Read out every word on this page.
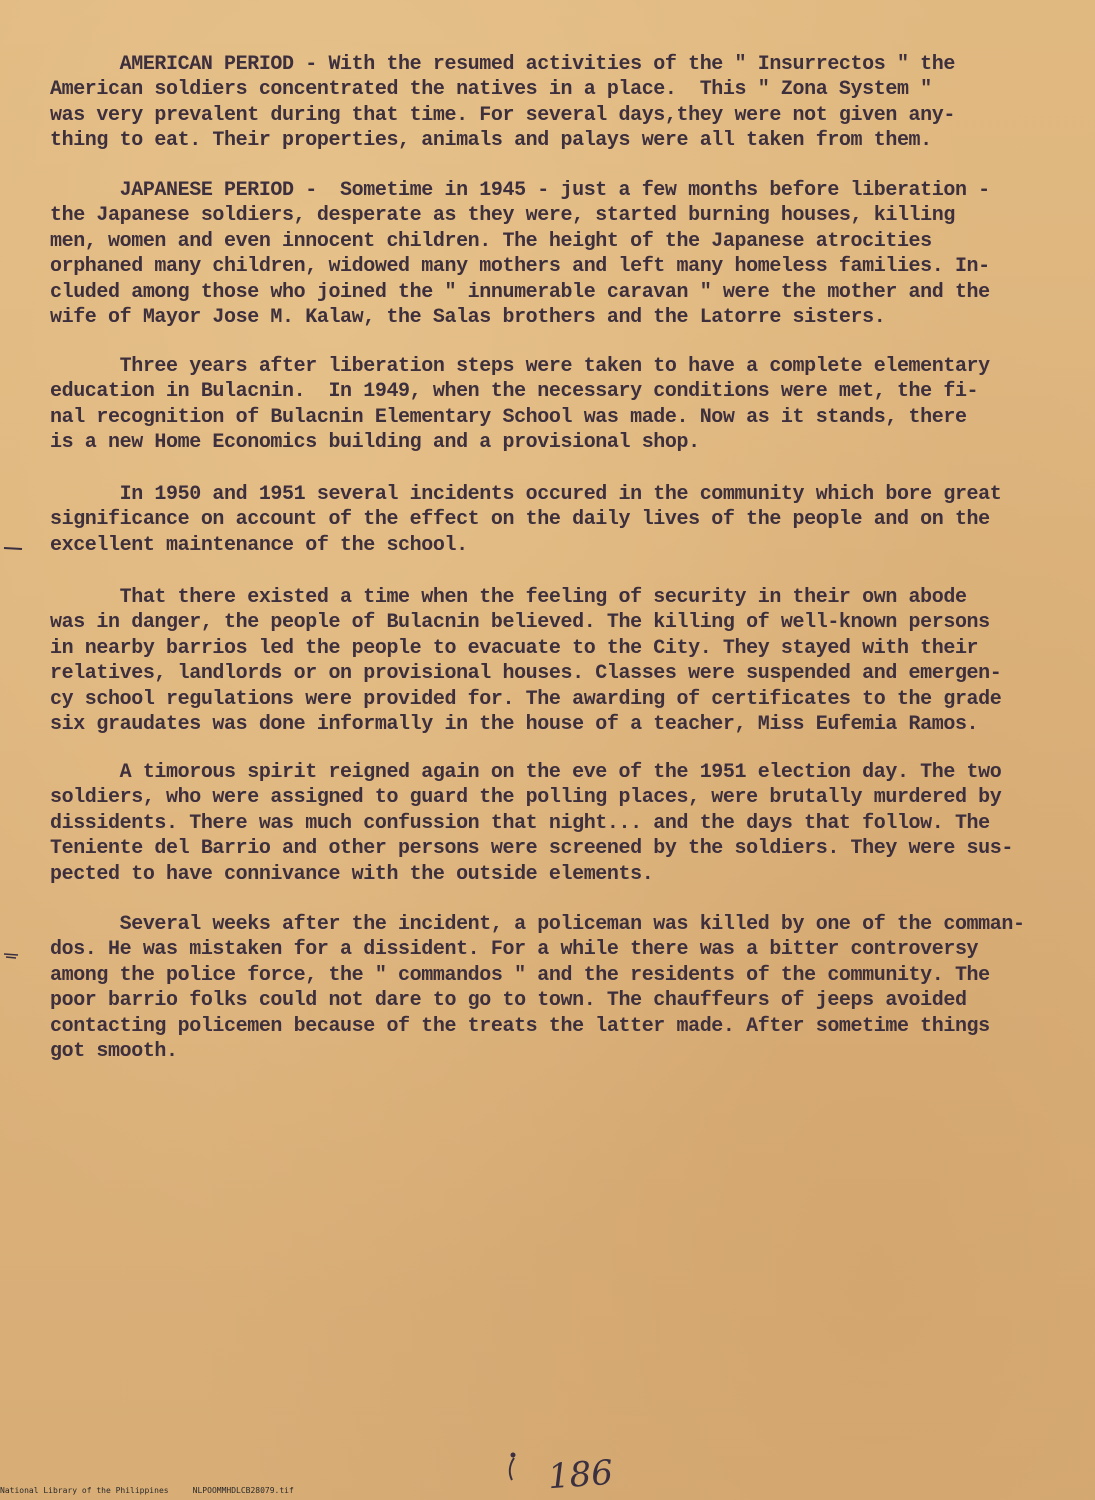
AMERICAN PERIOD - With the resumed activities of the " Insurrectos " the
American soldiers concentrated the natives in a place.  This " Zona System "
was very prevalent during that time. For several days,they were not given any-
thing to eat. Their properties, animals and palays were all taken from them.
JAPANESE PERIOD -  Sometime in 1945 - just a few months before liberation -
the Japanese soldiers, desperate as they were, started burning houses, killing
men, women and even innocent children. The height of the Japanese atrocities
orphaned many children, widowed many mothers and left many homeless families. In-
cluded among those who joined the " innumerable caravan " were the mother and the
wife of Mayor Jose M. Kalaw, the Salas brothers and the Latorre sisters.
Three years after liberation steps were taken to have a complete elementary
education in Bulacnin.  In 1949, when the necessary conditions were met, the fi-
nal recognition of Bulacnin Elementary School was made. Now as it stands, there
is a new Home Economics building and a provisional shop.
In 1950 and 1951 several incidents occured in the community which bore great
significance on account of the effect on the daily lives of the people and on the
excellent maintenance of the school.
That there existed a time when the feeling of security in their own abode
was in danger, the people of Bulacnin believed. The killing of well-known persons
in nearby barrios led the people to evacuate to the City. They stayed with their
relatives, landlords or on provisional houses. Classes were suspended and emergen-
cy school regulations were provided for. The awarding of certificates to the grade
six graudates was done informally in the house of a teacher, Miss Eufemia Ramos.
A timorous spirit reigned again on the eve of the 1951 election day. The two
soldiers, who were assigned to guard the polling places, were brutally murdered by
dissidents. There was much confussion that night... and the days that follow. The
Teniente del Barrio and other persons were screened by the soldiers. They were sus-
pected to have connivance with the outside elements.
Several weeks after the incident, a policeman was killed by one of the comman-
dos. He was mistaken for a dissident. For a while there was a bitter controversy
among the police force, the " commandos " and the residents of the community. The
poor barrio folks could not dare to go to town. The chauffeurs of jeeps avoided
contacting policemen because of the treats the latter made. After sometime things
got smooth.
186
National Library of the Philippines	NLPOOMMHDLCB28079.tif
